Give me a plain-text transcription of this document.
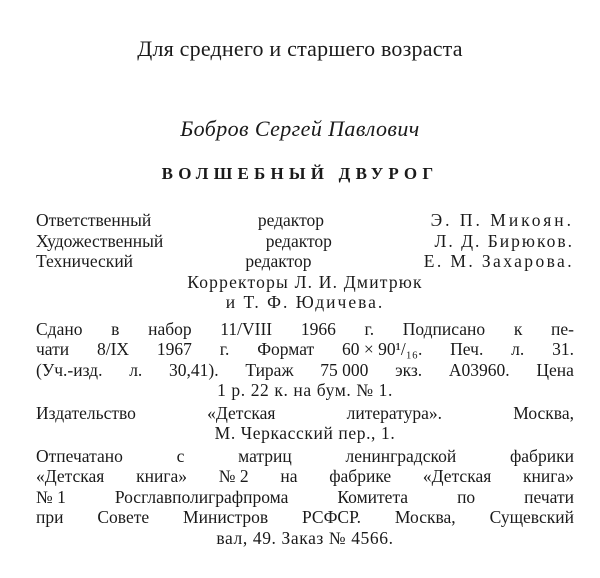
Для среднего и старшего возраста
Бобров Сергей Павлович
ВОЛШЕБНЫЙ ДВУРОГ
Ответственный	редактор	Э. П. Микоян.
Художественный	редактор	Л. Д. Бирюков.
Технический	редактор	Е. М. Захарова.
Корректоры Л. И. Дмитрюк
и Т. Ф. Юдичева.
Сдано в набор 11/VIII 1966 г. Подписано к пе-
чати 8/IX 1967 г. Формат 60 × 90¹/₁₆. Печ. л. 31.
(Уч.-изд. л. 30,41). Тираж 75 000 экз. А03960. Цена
1 р. 22 к. на бум. № 1.
Издательство	«Детская	литература».	Москва,
М. Черкасский пер., 1.
Отпечатано	с	матриц	ленинградской	фабрики
«Детская книга» № 2 на фабрике «Детская книга»
№ 1	Росглавполиграфпрома	Комитета	по	печати
при Совете Министров РСФСР. Москва, Сущевский
вал, 49. Заказ № 4566.
